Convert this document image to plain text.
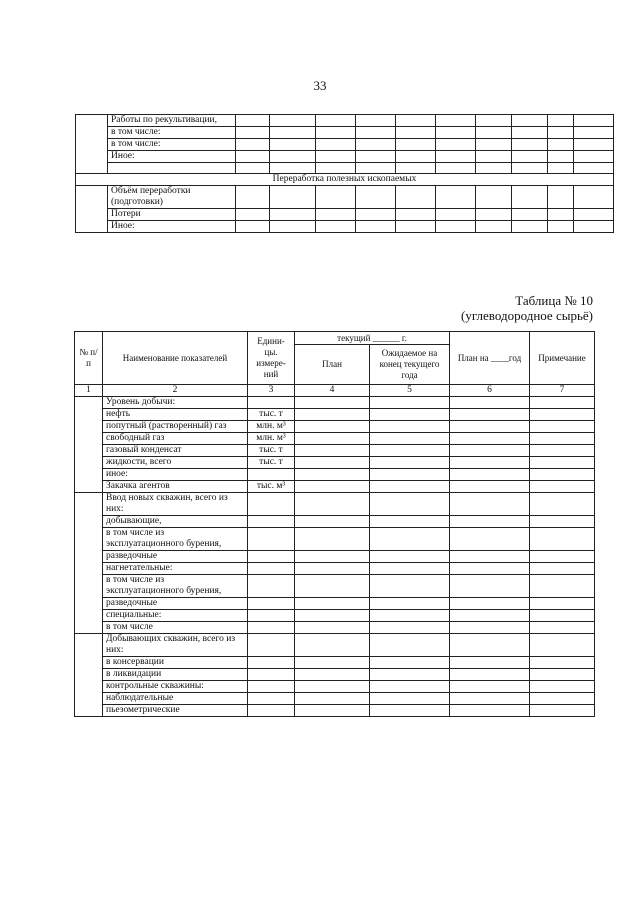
33
	Работы по рекультивации,										
	в том числе:										
	в том числе:										
	Иное:										

Переработка полезных ископаемых											
	Объём переработки (подготовки)										
	Потери										
	Иное:										
Таблица № 10
(углеводородное сырьё)
№ п/п	Наименование показателей	Едини-цы. измере-ний	текущий ______ г.		План на ____год	Примечание
			План	Ожидаемое на конец текущего года		
1	2	3	4	5	6	7
	Уровень добычи:					
	нефть	тыс. т				
	попутный (растворенный) газ	млн. м³				
	свободный газ	млн. м³				
	газовый конденсат	тыс. т				
	жидкости, всего	тыс. т				
	иное:					
	Закачка агентов	тыс. м³				
	Ввод новых скважин, всего из них:					
	добывающие,					
	в том числе из эксплуатационного бурения,					
	разведочные					
	нагнетательные:					
	в том числе из эксплуатационного бурения,					
	разведочные					
	специальные:					
	в том числе					
	Добывающих скважин, всего из них:					
	в консервации					
	в ликвидации					
	контрольные скважины:					
	наблюдательные					
	пьезометрические					
